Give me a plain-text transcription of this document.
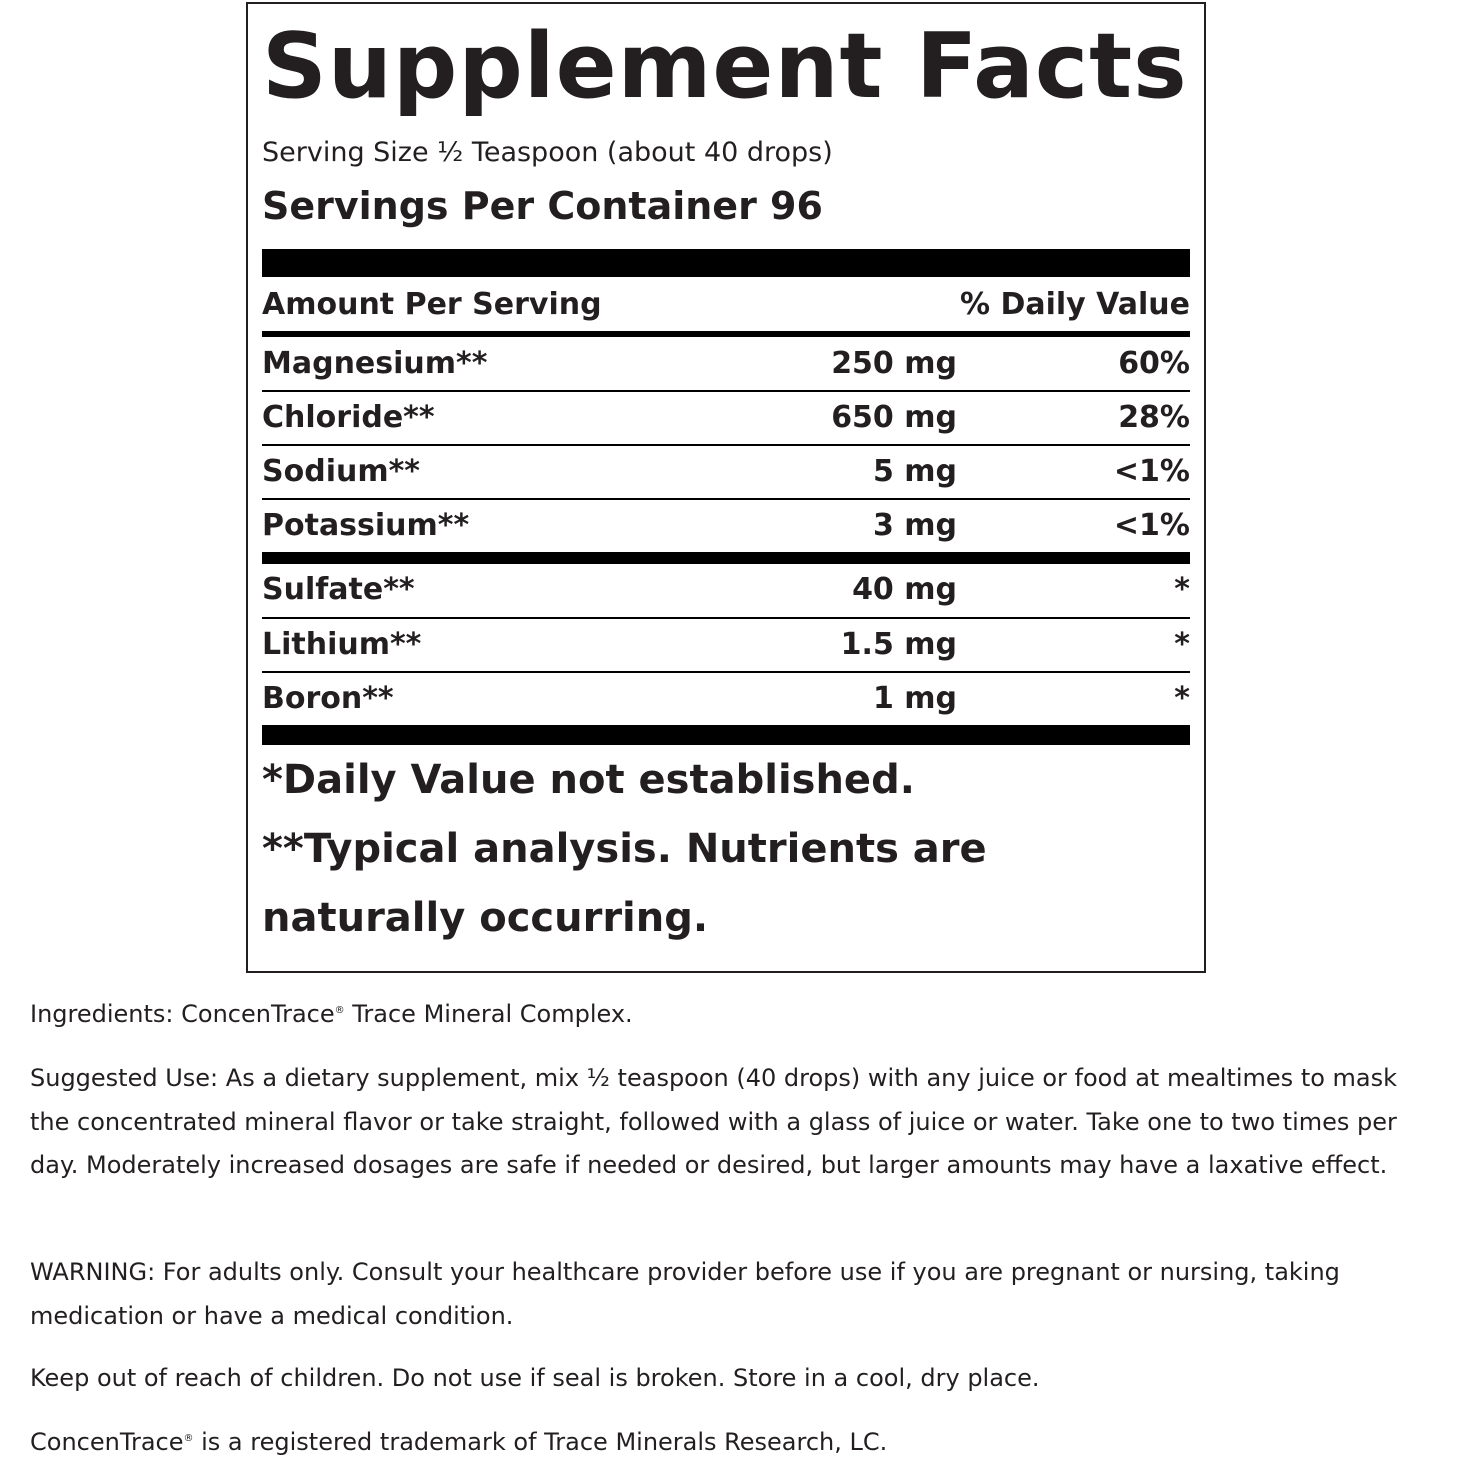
Supplement Facts
Serving Size ½ Teaspoon (about 40 drops)
Servings Per Container 96
Amount Per Serving	% Daily Value
Magnesium**	250 mg	60%
Chloride**	650 mg	28%
Sodium**	5 mg	<1%
Potassium**	3 mg	<1%
Sulfate**	40 mg	*
Lithium**	1.5 mg	*
Boron**	1 mg	*
*Daily Value not established.
**Typical analysis. Nutrients are naturally occurring.
Ingredients: ConcenTrace® Trace Mineral Complex.
Suggested Use: As a dietary supplement, mix ½ teaspoon (40 drops) with any juice or food at mealtimes to mask the concentrated mineral flavor or take straight, followed with a glass of juice or water. Take one to two times per day. Moderately increased dosages are safe if needed or desired, but larger amounts may have a laxative effect.
WARNING: For adults only. Consult your healthcare provider before use if you are pregnant or nursing, taking medication or have a medical condition.
Keep out of reach of children. Do not use if seal is broken. Store in a cool, dry place.
ConcenTrace® is a registered trademark of Trace Minerals Research, LC.
